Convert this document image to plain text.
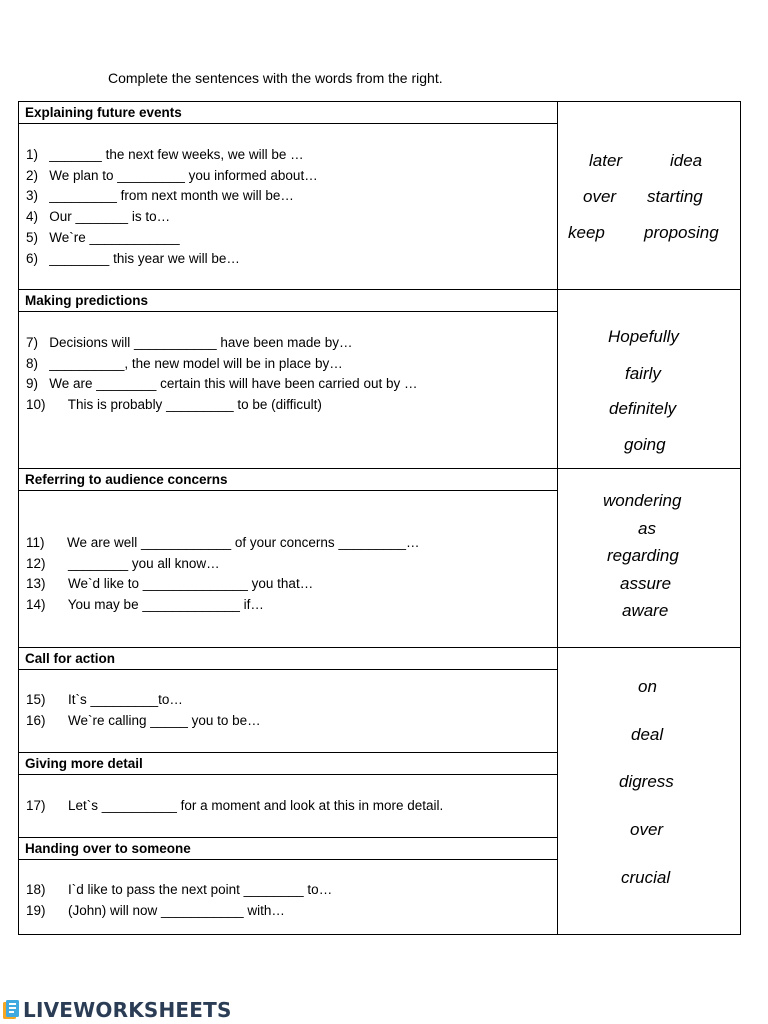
Complete the sentences with the words from the right.
Explaining future events
1)   _______ the next few weeks, we will be …
2)   We plan to _________ you informed about…
3)   _________ from next month we will be…
4)   Our _______ is to…
5)   We`re ____________
6)   ________ this year we will be…
Making predictions
7)   Decisions will ___________ have been made by…
8)   __________, the new model will be in place by…
9)   We are ________ certain this will have been carried out by …
10)      This is probably _________ to be (difficult)
Referring to audience concerns
11)      We are well ____________ of your concerns _________…
12)      ________ you all know…
13)      We`d like to ______________ you that…
14)      You may be _____________ if…
Call for action
15)      It`s _________to…
16)      We`re calling _____ you to be…
Giving more detail
17)      Let`s __________ for a moment and look at this in more detail.
Handing over to someone
18)      I`d like to pass the next point ________ to…
19)      (John) will now ___________ with…
later	idea
over starting
keep proposing
Hopefully
fairly
definitely
going
wondering
as
regarding
assure
aware
on
deal
digress
over
crucial
LIVEWORKSHEETS
